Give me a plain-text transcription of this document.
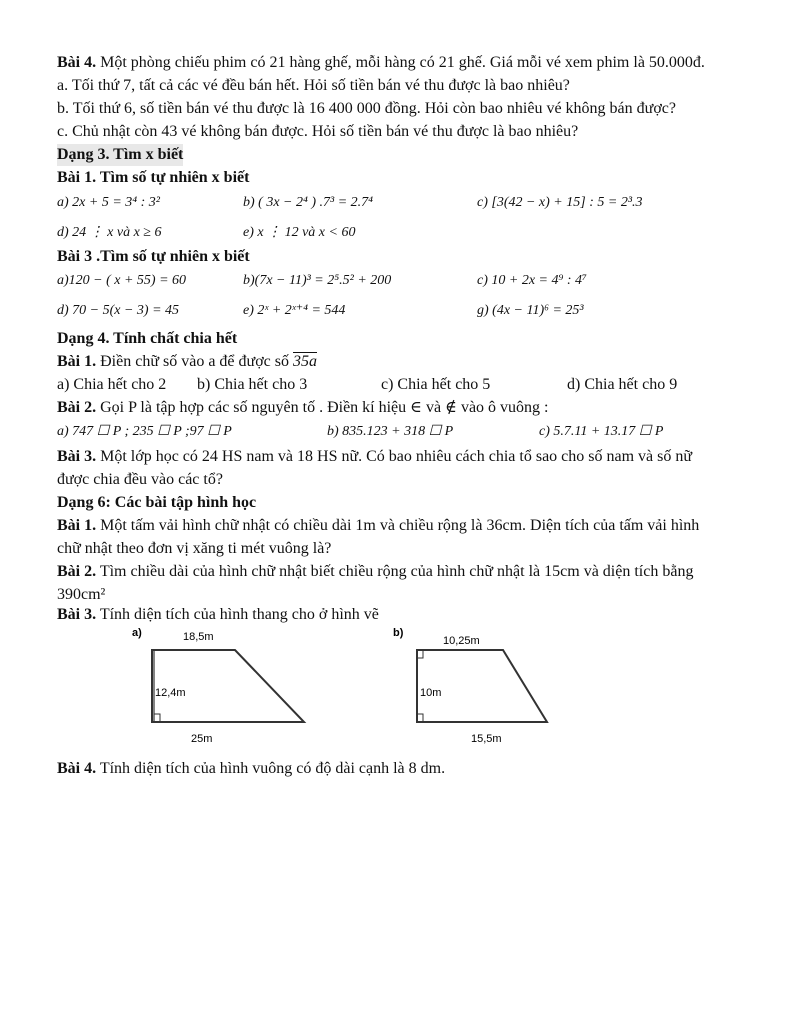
Bài 4. Một phòng chiếu phim có 21 hàng ghế, mỗi hàng có 21 ghế. Giá mỗi vé xem phim là 50.000đ.
a. Tối thứ 7, tất cả các vé đều bán hết. Hỏi số tiền bán vé thu được là bao nhiêu?
b. Tối thứ 6, số tiền bán vé thu được là 16 400 000 đồng. Hỏi còn bao nhiêu vé không bán được?
c. Chủ nhật còn 43 vé không bán được. Hỏi số tiền bán vé thu được là bao nhiêu?
Dạng 3. Tìm x biết
Bài 1. Tìm số tự nhiên x biết
a) 2x + 5 = 3⁴ : 3²	b) ( 3x − 2⁴ ) .7³ = 2.7⁴	c) [3(42 − x) + 15] : 5 = 2³.3
d) 24 ⋮ x và x ≥ 6	e) x ⋮ 12 và x < 60
Bài 3 .Tìm số tự nhiên x biết
a)120 − ( x + 55) = 60	b)(7x − 11)³ = 2⁵.5² + 200	c) 10 + 2x = 4⁹ : 4⁷
d) 70 − 5(x − 3) = 45	e) 2ˣ + 2ˣ⁺⁴ = 544	g) (4x − 11)⁶ = 25³
Dạng 4. Tính chất chia hết
Bài 1. Điền chữ số vào a để được số 35a
a) Chia hết cho 2 b) Chia hết cho 3	c) Chia hết cho 5	d) Chia hết cho 9
Bài 2. Gọi P là tập hợp các số nguyên tố . Điền kí hiệu ∈ và ∉ vào ô vuông :
a) 747 ☐ P ; 235 ☐ P ;97 ☐ P	b) 835.123 + 318 ☐ P	c) 5.7.11 + 13.17 ☐ P
Bài 3. Một lớp học có 24 HS nam và 18 HS nữ. Có bao nhiêu cách chia tổ sao cho số nam và số nữ
được chia đều vào các tổ?
Dạng 6: Các bài tập hình học
Bài 1. Một tấm vải hình chữ nhật có chiều dài 1m và chiều rộng là 36cm. Diện tích của tấm vải hình
chữ nhật theo đơn vị xăng ti mét vuông là?
Bài 2. Tìm chiều dài của hình chữ nhật biết chiều rộng của hình chữ nhật là 15cm và diện tích bằng
390cm²
Bài 3. Tính diện tích của hình thang cho ở hình vẽ
Bài 4. Tính diện tích của hình vuông có độ dài cạnh là 8 dm.
a)	18,5m
12,4m
25m
b)
10,25m
10m
15,5m
